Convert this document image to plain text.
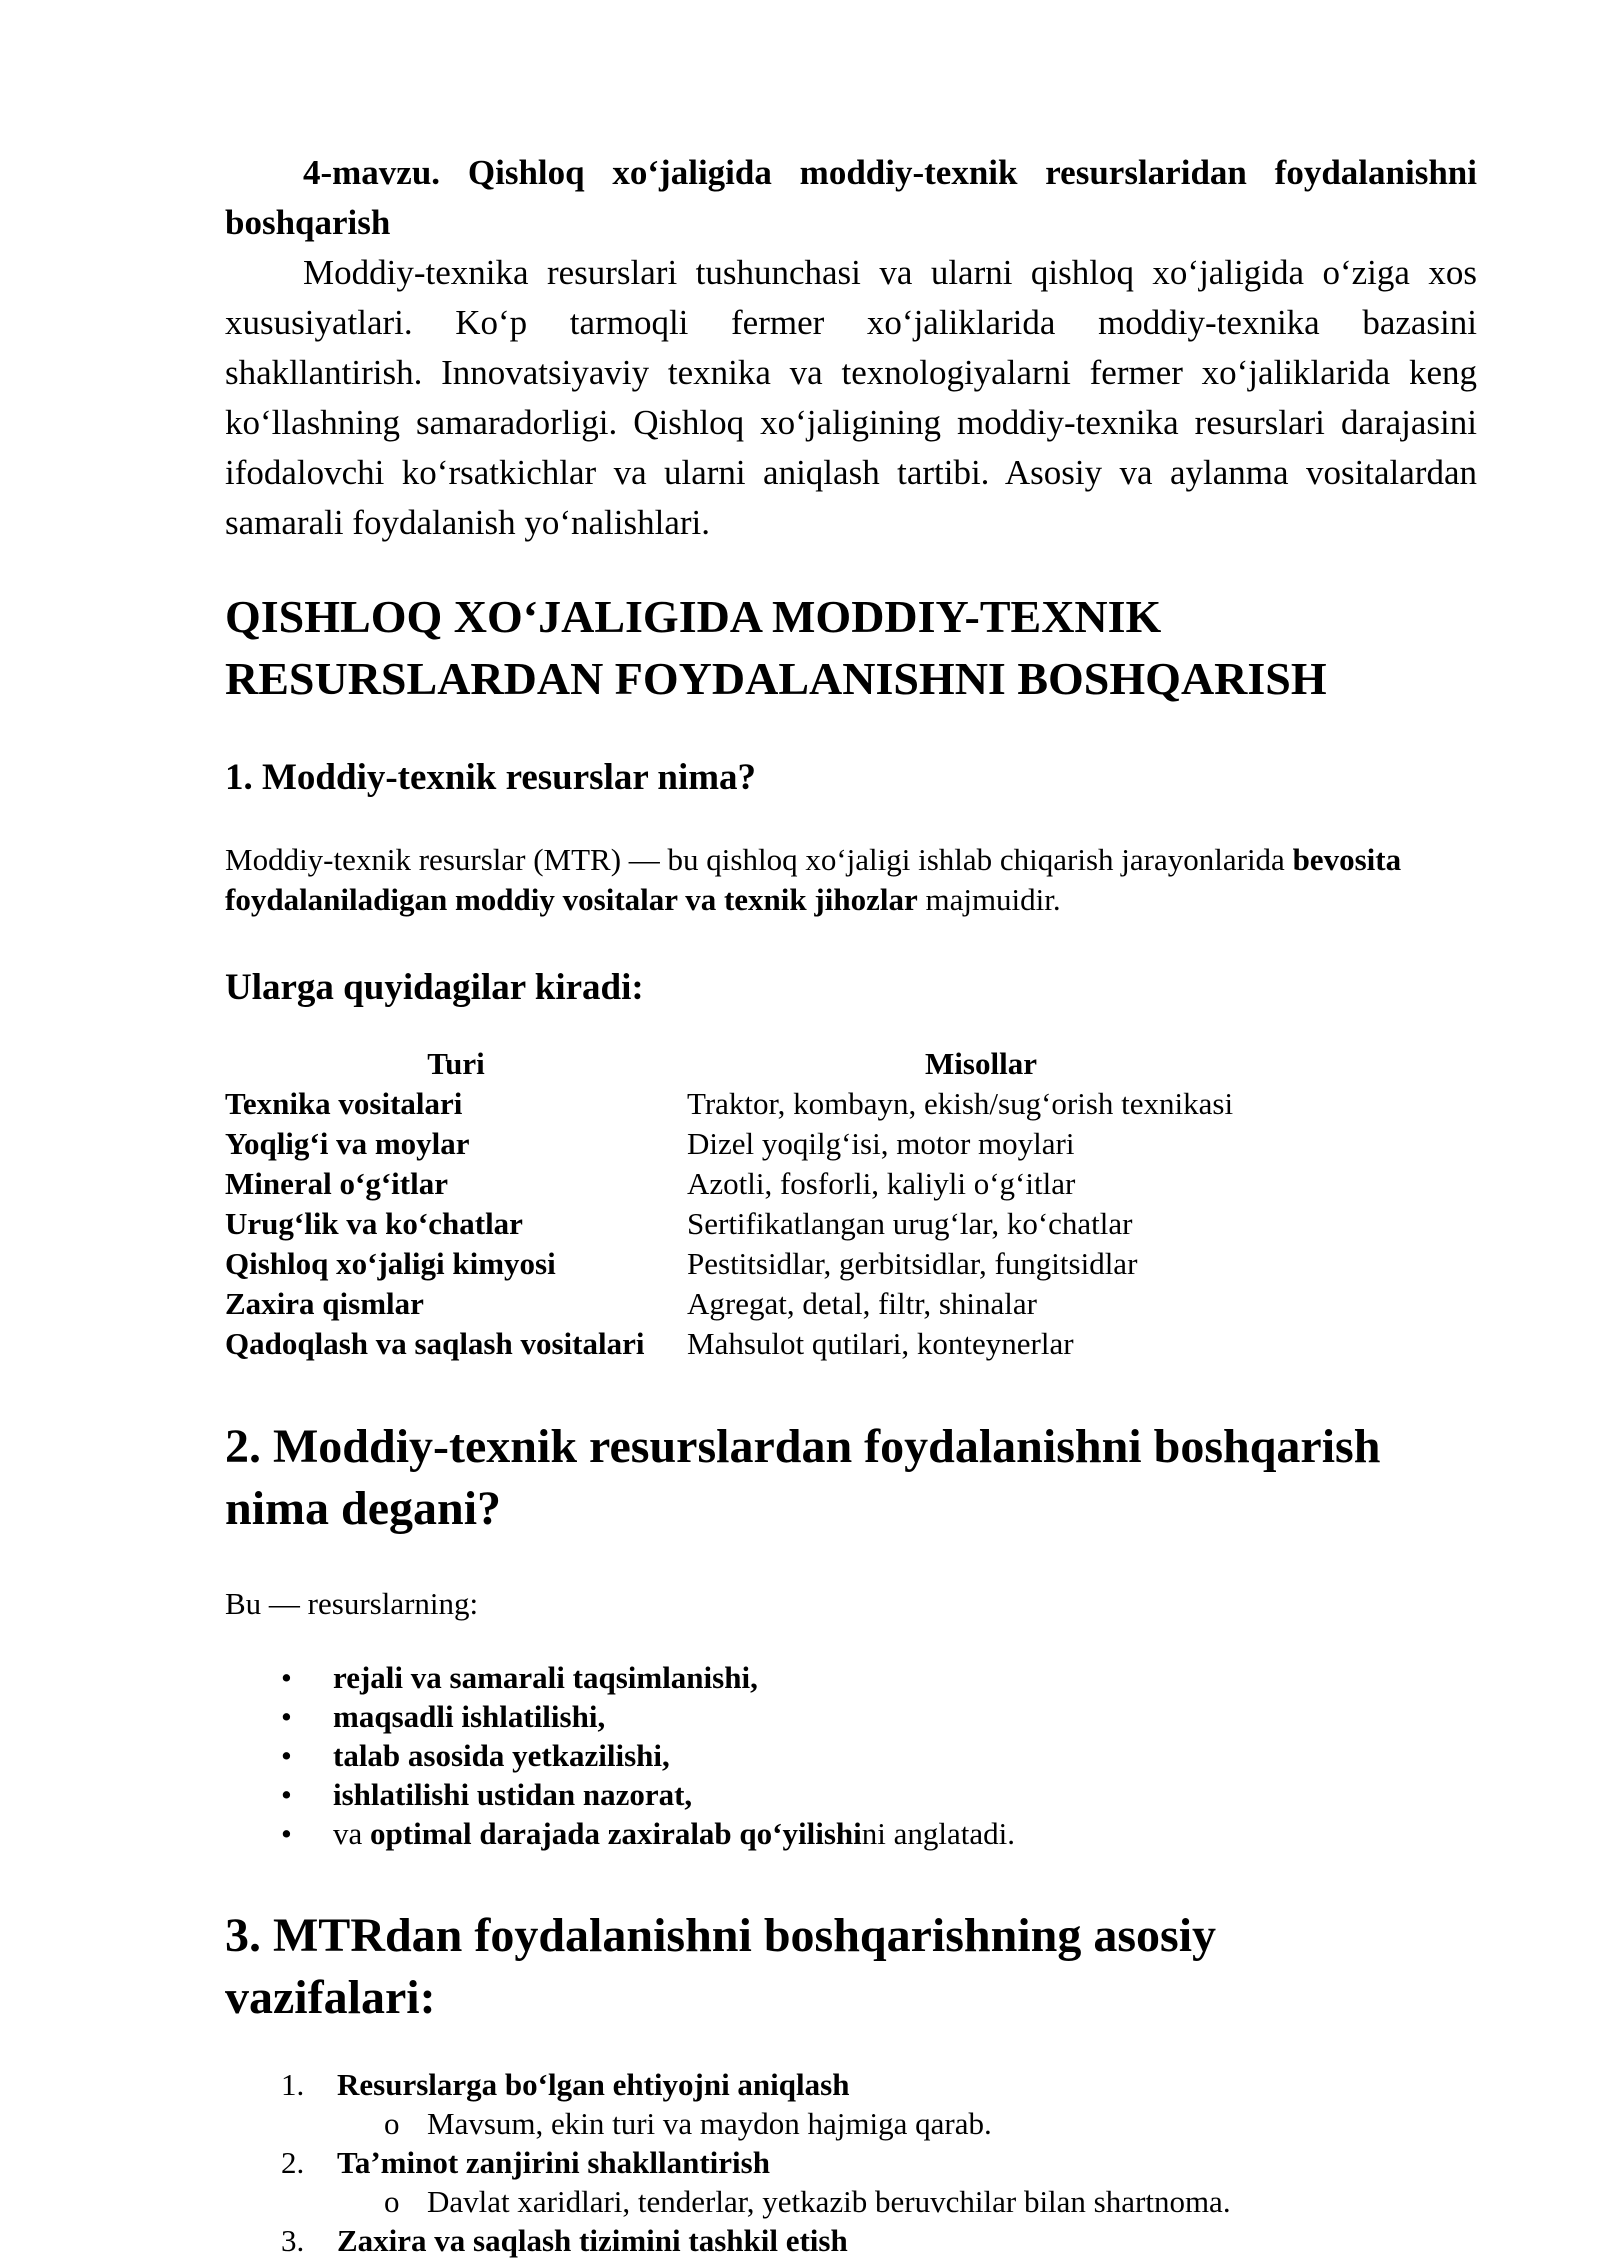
4-mavzu. Qishloq xoʻjaligida moddiy-texnik resurslaridan foydalanishni boshqarish

Moddiy-texnika resurslari tushunchasi va ularni qishloq xoʻjaligida oʻziga xos xususiyatlari. Koʻp tarmoqli fermer xoʻjaliklarida moddiy-texnika bazasini shakllantirish. Innovatsiyaviy texnika va texnologiyalarni fermer xoʻjaliklarida keng koʻllashning samaradorligi. Qishloq xoʻjaligining moddiy-texnika resurslari darajasini ifodalovchi koʻrsatkichlar va ularni aniqlash tartibi. Asosiy va aylanma vositalardan samarali foydalanish yoʻnalishlari.

QISHLOQ XOʻJALIGIDA MODDIY-TEXNIK RESURSLARDAN FOYDALANISHNI BOSHQARISH
1. Moddiy-texnik resurslar nima?

Moddiy-texnik resurslar (MTR) — bu qishloq xoʻjaligi ishlab chiqarish jarayonlarida bevosita foydalaniladigan moddiy vositalar va texnik jihozlar majmuidir.

Ularga quyidagilar kiradi:
Turi	Misollar
Texnika vositalari	Traktor, kombayn, ekish/sugʻorish texnikasi
Yoqligʻi va moylar	Dizel yoqilgʻisi, motor moylari
Mineral oʻgʻitlar	Azotli, fosforli, kaliyli oʻgʻitlar
Urugʻlik va koʻchatlar	Sertifikatlangan urugʻlar, koʻchatlar
Qishloq xoʻjaligi kimyosi	Pestitsidlar, gerbitsidlar, fungitsidlar
Zaxira qismlar	Agregat, detal, filtr, shinalar
Qadoqlash va saqlash vositalari	Mahsulot qutilari, konteynerlar
2. Moddiy-texnik resurslardan foydalanishni boshqarish nima degani?

Bu — resurslarning:

• rejali va samarali taqsimlanishi,
• maqsadli ishlatilishi,
• talab asosida yetkazilishi,
• ishlatilishi ustidan nazorat,
• va optimal darajada zaxiralab qoʻyilishini anglatadi.
3. MTRdan foydalanishni boshqarishning asosiy vazifalari:
1. Resurslarga boʻlgan ehtiyojni aniqlash
o Mavsum, ekin turi va maydon hajmiga qarab.
2. Taʼminot zanjirini shakllantirish
o Davlat xaridlari, tenderlar, yetkazib beruvchilar bilan shartnoma.
3. Zaxira va saqlash tizimini tashkil etish
